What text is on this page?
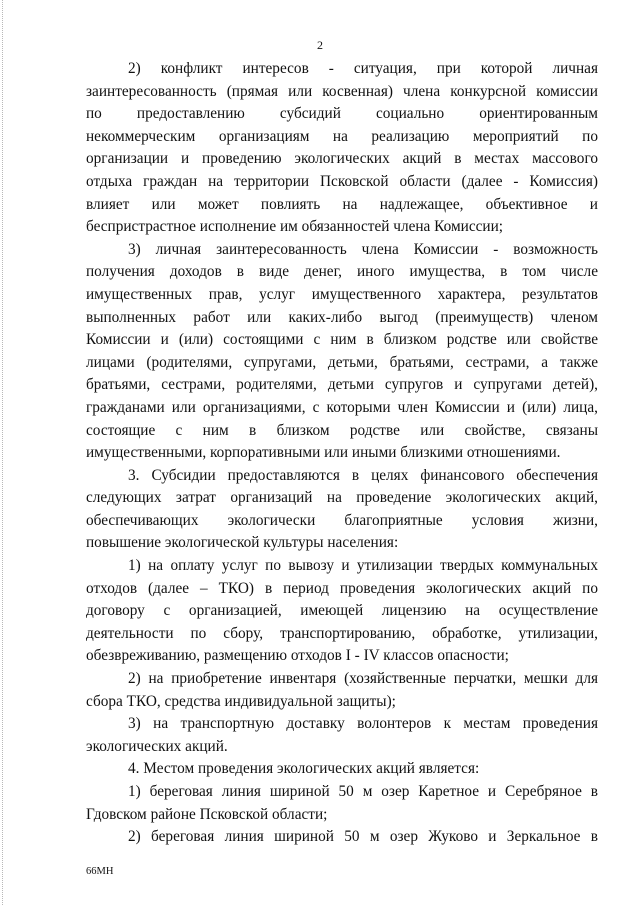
2

2) конфликт интересов - ситуация, при которой личная

заинтересованность (прямая или косвенная) члена конкурсной комиссии

по предоставлению субсидий социально ориентированным

некоммерческим организациям на реализацию мероприятий по

организации и проведению экологических акций в местах массового

отдыха граждан на территории Псковской области (далее - Комиссия)

влияет или может повлиять на надлежащее, объективное и

беспристрастное исполнение им обязанностей члена Комиссии;

3) личная заинтересованность члена Комиссии - возможность

получения доходов в виде денег, иного имущества, в том числе

имущественных прав, услуг имущественного характера, результатов

выполненных работ или каких-либо выгод (преимуществ) членом

Комиссии и (или) состоящими с ним в близком родстве или свойстве

лицами (родителями, супругами, детьми, братьями, сестрами, а также

братьями, сестрами, родителями, детьми супругов и супругами детей),

гражданами или организациями, с которыми член Комиссии и (или) лица,

состоящие с ним в близком родстве или свойстве, связаны

имущественными, корпоративными или иными близкими отношениями.

3. Субсидии предоставляются в целях финансового обеспечения

следующих затрат организаций на проведение экологических акций,

обеспечивающих экологически благоприятные условия жизни,

повышение экологической культуры населения:

1) на оплату услуг по вывозу и утилизации твердых коммунальных

отходов (далее – ТКО) в период проведения экологических акций по

договору с организацией, имеющей лицензию на осуществление

деятельности по сбору, транспортированию, обработке, утилизации,

обезвреживанию, размещению отходов I - IV классов опасности;

2) на приобретение инвентаря (хозяйственные перчатки, мешки для

сбора ТКО, средства индивидуальной защиты);

3) на транспортную доставку волонтеров к местам проведения

экологических акций.

4. Местом проведения экологических акций является:

1) береговая линия шириной 50 м озер Каретное и Серебряное в

Гдовском районе Псковской области;

2) береговая линия шириной 50 м озер Жуково и Зеркальное в

66МН
